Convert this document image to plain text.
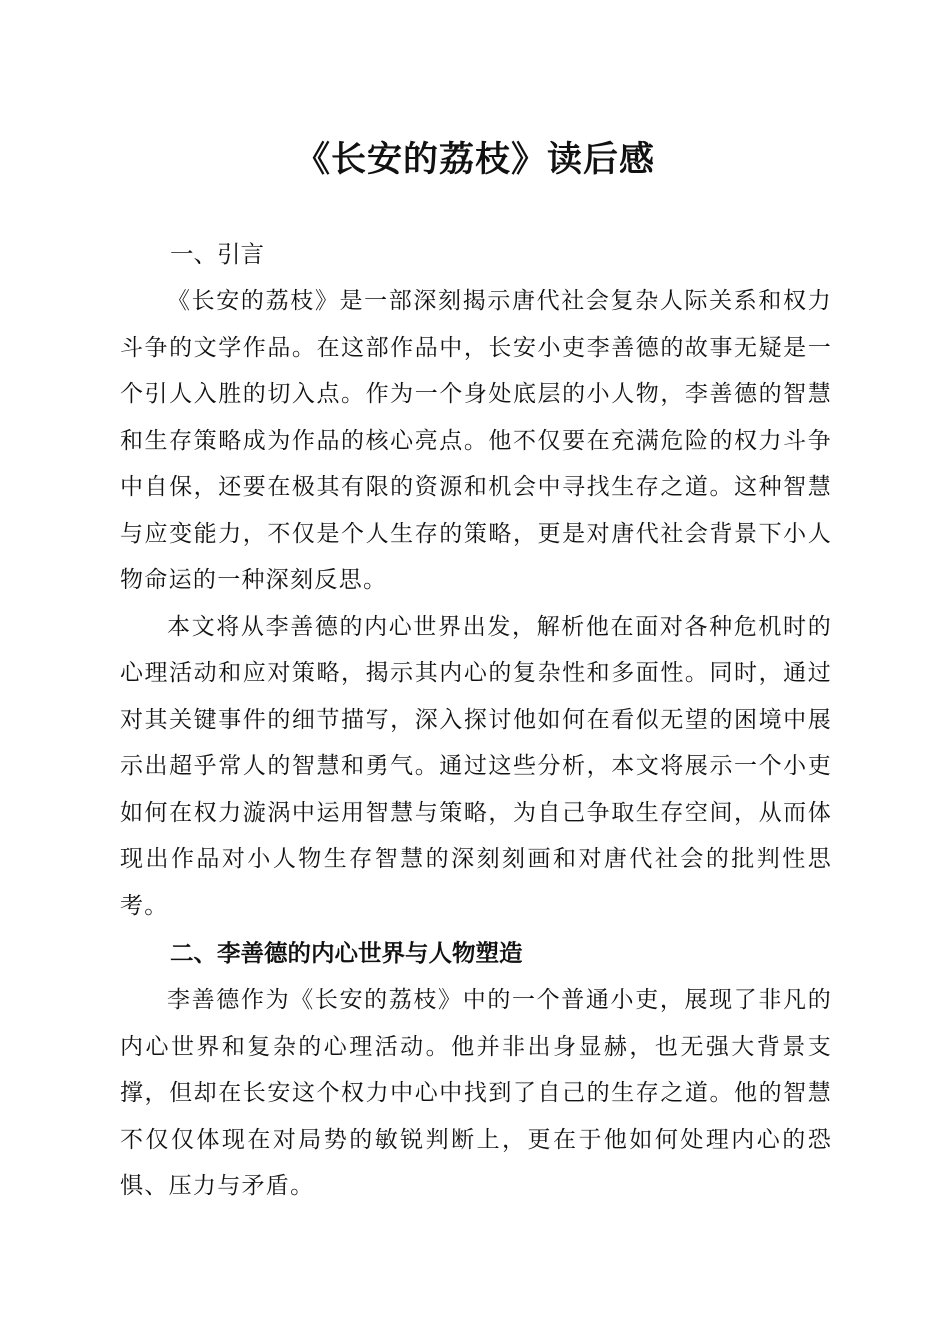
《长安的荔枝》读后感
一、引言

《长安的荔枝》是一部深刻揭示唐代社会复杂人际关系和权力斗争的文学作品。在这部作品中，长安小吏李善德的故事无疑是一个引人入胜的切入点。作为一个身处底层的小人物，李善德的智慧和生存策略成为作品的核心亮点。他不仅要在充满危险的权力斗争中自保，还要在极其有限的资源和机会中寻找生存之道。这种智慧与应变能力，不仅是个人生存的策略，更是对唐代社会背景下小人物命运的一种深刻反思。

本文将从李善德的内心世界出发，解析他在面对各种危机时的心理活动和应对策略，揭示其内心的复杂性和多面性。同时，通过对其关键事件的细节描写，深入探讨他如何在看似无望的困境中展示出超乎常人的智慧和勇气。通过这些分析，本文将展示一个小吏如何在权力漩涡中运用智慧与策略，为自己争取生存空间，从而体现出作品对小人物生存智慧的深刻刻画和对唐代社会的批判性思考。

二、李善德的内心世界与人物塑造

李善德作为《长安的荔枝》中的一个普通小吏，展现了非凡的内心世界和复杂的心理活动。他并非出身显赫，也无强大背景支撑，但却在长安这个权力中心中找到了自己的生存之道。他的智慧不仅仅体现在对局势的敏锐判断上，更在于他如何处理内心的恐惧、压力与矛盾。
